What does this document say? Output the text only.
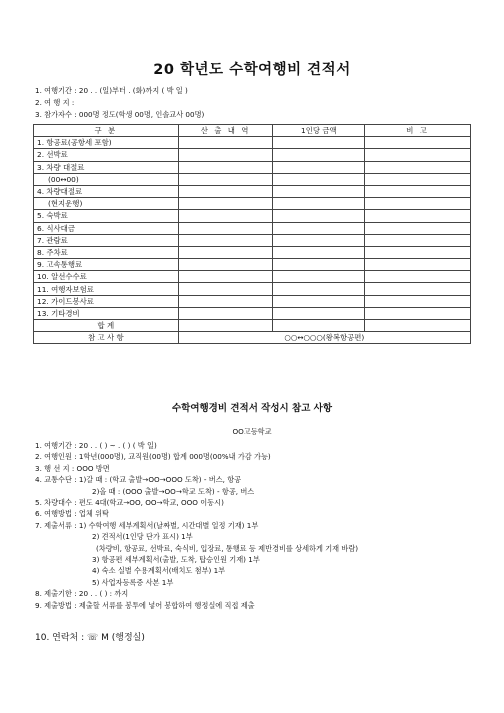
20 학년도 수학여행비 견적서
1. 여행기간 : 20 . . (일)부터 . (화)까지 ( 박 일 )
2. 여 행 지 :
3. 참가자수 : 000명 정도(학생 00명, 인솔교사 00명)
구 분	산 출 내 역	1인당 금액	비 고
1. 항공료(공항세 포함)			
2. 선박료			
3. 차량 대절료			
(00↔00)			
4. 차량대절료			
(현지운행)			
5. 숙박료			
6. 식사대금			
7. 관람료			
8. 주차료			
9. 고속통행료			
10. 알선수수료			
11. 여행자보험료			
12. 가이드봉사료			
13. 기타경비			
합 계			
참 고 사 항	○○↔○○○(왕복항공편)		
수학여행경비 견적서 작성시 참고 사항
OO고등학교
1. 여행기간 : 20 . . ( ) ~ . ( ) ( 박 일)
2. 여행인원 : 1학년(000명), 교직원(00명) 합계 000명(00%내 가감 가능)
3. 행 선 지 : OOO 방면
4. 교통수단 : 1)갈 때 : (학교 출발→OO→OOO 도착) - 버스, 항공
2)올 때 : (OOO 출발→OO→학교 도착) - 항공, 버스
5. 차량대수 : 편도 4대(학교→OO, OO→학교, OOO 이동시)
6. 여행방법 : 업체 위탁
7. 제출서류 : 1) 수학여행 세부계획서(날짜별, 시간대별 일정 기재) 1부
2) 견적서(1인당 단가 표시) 1부
(차량비, 항공료, 선박료, 숙식비, 입장료, 통행료 등 제반경비를 상세하게 기재 바람)
3) 항공편 세부계획서(출발, 도착, 탑승인원 기재) 1부
4) 숙소 실별 수용계획서(배치도 첨부) 1부
5) 사업자등록증 사본 1부
8. 제출기한 : 20 . . ( ) : 까지
9. 제출방법 : 제출할 서류를 봉투에 넣어 봉합하여 행정실에 직접 제출
10. 연락처 : ☏ M (행정실)
